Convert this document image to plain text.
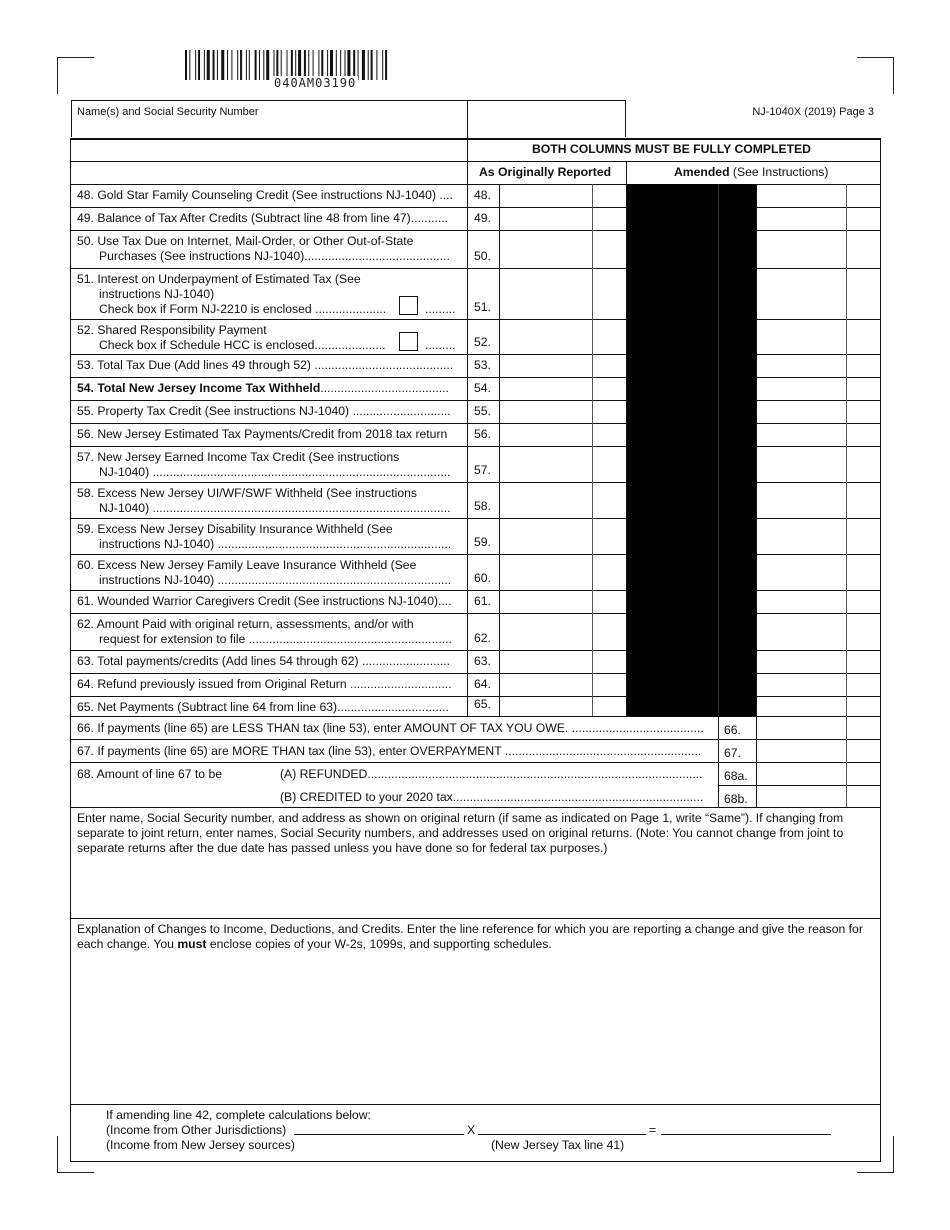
040AM03190
Name(s) and Social Security Number	NJ-1040X (2019) Page 3
BOTH COLUMNS MUST BE FULLY COMPLETED
As Originally Reported	Amended (See Instructions)
48. Gold Star Family Counseling Credit (See instructions NJ-1040) .... 48.
49. Balance of Tax After Credits (Subtract line 48 from line 47)........... 49.
50. Use Tax Due on Internet, Mail-Order, or Other Out-of-State
Purchases (See instructions NJ-1040)........................................... 50.
51. Interest on Underpayment of Estimated Tax (See
instructions NJ-1040)
Check box if Form NJ-2210 is enclosed .....................	......... 51.
52. Shared Responsibility Payment
Check box if Schedule HCC is enclosed.....................	......... 52.
53. Total Tax Due (Add lines 49 through 52) ......................................... 53.
54. Total New Jersey Income Tax Withheld...................................... 54.
55. Property Tax Credit (See instructions NJ-1040) ............................. 55.
56. New Jersey Estimated Tax Payments/Credit from 2018 tax return 56.
57. New Jersey Earned Income Tax Credit (See instructions
NJ-1040) ........................................................................................ 57.
58. Excess New Jersey UI/WF/SWF Withheld (See instructions
NJ-1040) ........................................................................................ 58.
59. Excess New Jersey Disability Insurance Withheld (See
instructions NJ-1040) ..................................................................... 59.
60. Excess New Jersey Family Leave Insurance Withheld (See
instructions NJ-1040) ..................................................................... 60.
61. Wounded Warrior Caregivers Credit (See instructions NJ-1040).... 61.
62. Amount Paid with original return, assessments, and/or with
request for extension to file ............................................................ 62.
63. Total payments/credits (Add lines 54 through 62) .......................... 63.
64. Refund previously issued from Original Return .............................. 64.
65. Net Payments (Subtract line 64 from line 63)................................. 65.
66. If payments (line 65) are LESS THAN tax (line 53), enter AMOUNT OF TAX YOU OWE. ....................................... 66.
67. If payments (line 65) are MORE THAN tax (line 53), enter OVERPAYMENT .......................................................... 67.
68. Amount of line 67 to be	(A) REFUNDED................................................................................................... 68a.
(B) CREDITED to your 2020 tax.......................................................................... 68b.
Enter name, Social Security number, and address as shown on original return (if same as indicated on Page 1, write “Same”). If changing from separate to joint return, enter names, Social Security numbers, and addresses used on original returns. (Note: You cannot change from joint to separate returns after the due date has passed unless you have done so for federal tax purposes.)
Explanation of Changes to Income, Deductions, and Credits. Enter the line reference for which you are reporting a change and give the reason for each change. You must enclose copies of your W-2s, 1099s, and supporting schedules.
If amending line 42, complete calculations below:
(Income from Other Jurisdictions)	X	=
(Income from New Jersey sources)	(New Jersey Tax line 41)
